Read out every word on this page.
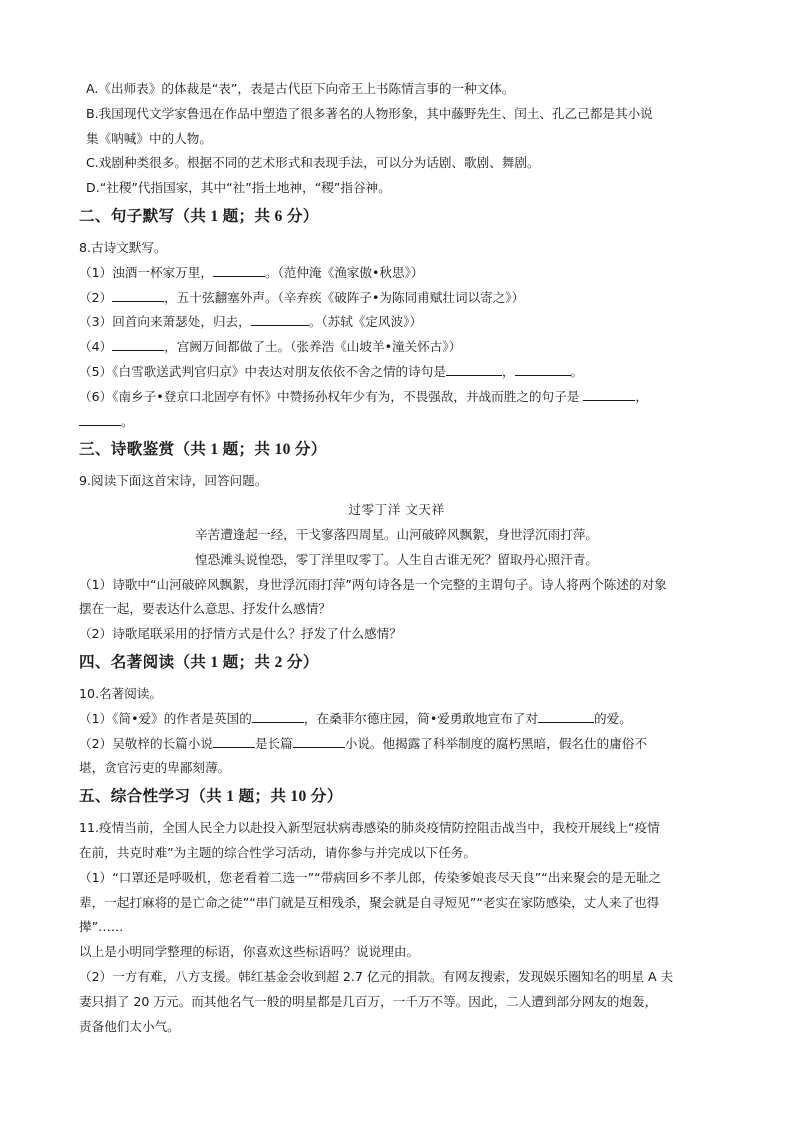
A.《出师表》的体裁是“表”，表是古代臣下向帝王上书陈情言事的一种文体。

B.我国现代文学家鲁迅在作品中塑造了很多著名的人物形象，其中藤野先生、闰土、孔乙己都是其小说

集《呐喊》中的人物。

C.戏剧种类很多。根据不同的艺术形式和表现手法，可以分为话剧、歌剧、舞剧。

D.“社稷”代指国家，其中“社”指土地神，“稷”指谷神。

二、句子默写（共 1 题；共 6 分）

8.古诗文默写。

（1）浊酒一杯家万里，	。（范仲淹《渔家傲•秋思》）

（2）	，五十弦翻塞外声。（辛弃疾《破阵子•为陈同甫赋壮词以寄之》）

（3）回首向来萧瑟处，归去，	。（苏轼《定风波》）

（4）	，宫阙万间都做了土。（张养浩《山坡羊•潼关怀古》）

（5）《白雪歌送武判官归京》中表达对朋友依依不舍之情的诗句是	，	。

（6）《南乡子•登京口北固亭有怀》中赞扬孙权年少有为，不畏强敌，并战而胜之的句子是	，

。

三、诗歌鉴赏（共 1 题；共 10 分）

9.阅读下面这首宋诗，回答问题。

过零丁洋 文天祥

辛苦遭逢起一经，干戈寥落四周星。山河破碎风飘絮，身世浮沉雨打萍。

惶恐滩头说惶恐，零丁洋里叹零丁。人生自古谁无死？留取丹心照汗青。

（1）诗歌中“山河破碎风飘絮，身世浮沉雨打萍”两句诗各是一个完整的主谓句子。诗人将两个陈述的对象

摆在一起，要表达什么意思、抒发什么感情？

（2）诗歌尾联采用的抒情方式是什么？抒发了什么感情？

四、名著阅读（共 1 题；共 2 分）

10.名著阅读。

（1）《简•爱》的作者是英国的	，在桑菲尔德庄园，简•爱勇敢地宣布了对	的爱。

（2）吴敬梓的长篇小说	是长篇	小说。他揭露了科举制度的腐朽黑暗，假名仕的庸俗不

堪，贪官污吏的卑鄙刻薄。

五、综合性学习（共 1 题；共 10 分）

11.疫情当前，全国人民全力以赴投入新型冠状病毒感染的肺炎疫情防控阻击战当中，我校开展线上“疫情

在前，共克时难”为主题的综合性学习活动，请你参与并完成以下任务。

（1）“口罩还是呼吸机，您老看着二选一”“带病回乡不孝儿郎，传染爹娘丧尽天良”“出来聚会的是无耻之

辈，一起打麻将的是亡命之徒”“串门就是互相残杀，聚会就是自寻短见”“老实在家防感染，丈人来了也得

撵”……

以上是小明同学整理的标语，你喜欢这些标语吗？说说理由。

（2）一方有难，八方支援。韩红基金会收到超 2.7 亿元的捐款。有网友搜索，发现娱乐圈知名的明星 A 夫

妻只捐了 20 万元。而其他名气一般的明星都是几百万，一千万不等。因此，二人遭到部分网友的炮轰，

责备他们太小气。
